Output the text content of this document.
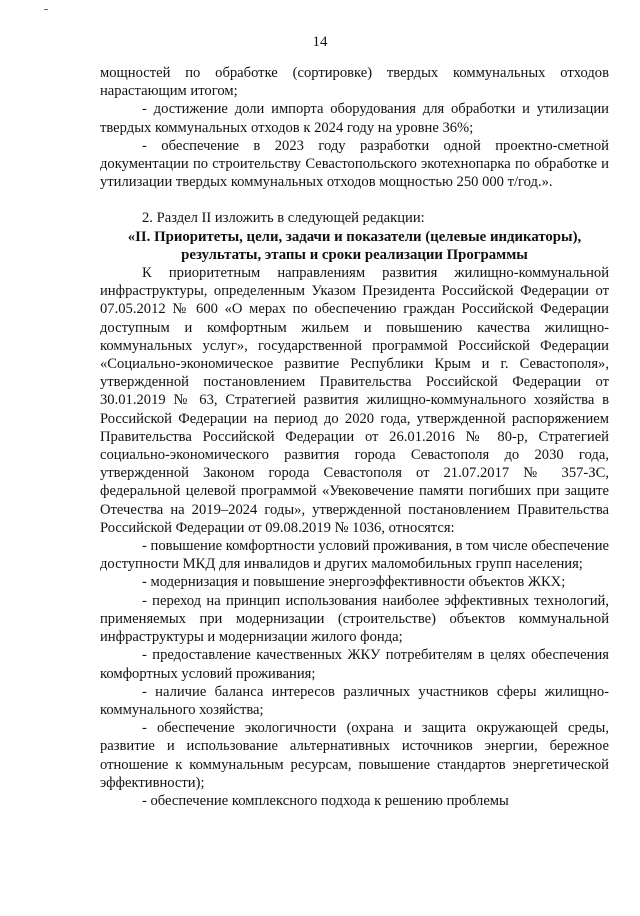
14

мощностей по обработке (сортировке) твердых коммунальных отходов нарастающим итогом;

- достижение доли импорта оборудования для обработки и утилизации твердых коммунальных отходов к 2024 году на уровне 36%;

- обеспечение в 2023 году разработки одной проектно-сметной документации по строительству Севастопольского экотехнопарка по обработке и утилизации твердых коммунальных отходов мощностью 250 000 т/год.».

2. Раздел II изложить в следующей редакции:

«II. Приоритеты, цели, задачи и показатели (целевые индикаторы),

результаты, этапы и сроки реализации Программы

К приоритетным направлениям развития жилищно-коммунальной инфраструктуры, определенным Указом Президента Российской Федерации от 07.05.2012 № 600 «О мерах по обеспечению граждан Российской Федерации доступным и комфортным жильем и повышению качества жилищно-коммунальных услуг», государственной программой Российской Федерации «Социально-экономическое развитие Республики Крым и г. Севастополя», утвержденной постановлением Правительства Российской Федерации от 30.01.2019 № 63, Стратегией развития жилищно-коммунального хозяйства в Российской Федерации на период до 2020 года, утвержденной распоряжением Правительства Российской Федерации от 26.01.2016 № 80-р, Стратегией социально-экономического развития города Севастополя до 2030 года, утвержденной Законом города Севастополя от 21.07.2017 № 357-ЗС, федеральной целевой программой «Увековечение памяти погибших при защите Отечества на 2019–2024 годы», утвержденной постановлением Правительства Российской Федерации от 09.08.2019 № 1036, относятся:

- повышение комфортности условий проживания, в том числе обеспечение доступности МКД для инвалидов и других маломобильных групп населения;

- модернизация и повышение энергоэффективности объектов ЖКХ;

- переход на принцип использования наиболее эффективных технологий, применяемых при модернизации (строительстве) объектов коммунальной инфраструктуры и модернизации жилого фонда;

- предоставление качественных ЖКУ потребителям в целях обеспечения комфортных условий проживания;

- наличие баланса интересов различных участников сферы жилищно-коммунального хозяйства;

- обеспечение экологичности (охрана и защита окружающей среды, развитие и использование альтернативных источников энергии, бережное отношение к коммунальным ресурсам, повышение стандартов энергетической эффективности);

- обеспечение комплексного подхода к решению проблемы
